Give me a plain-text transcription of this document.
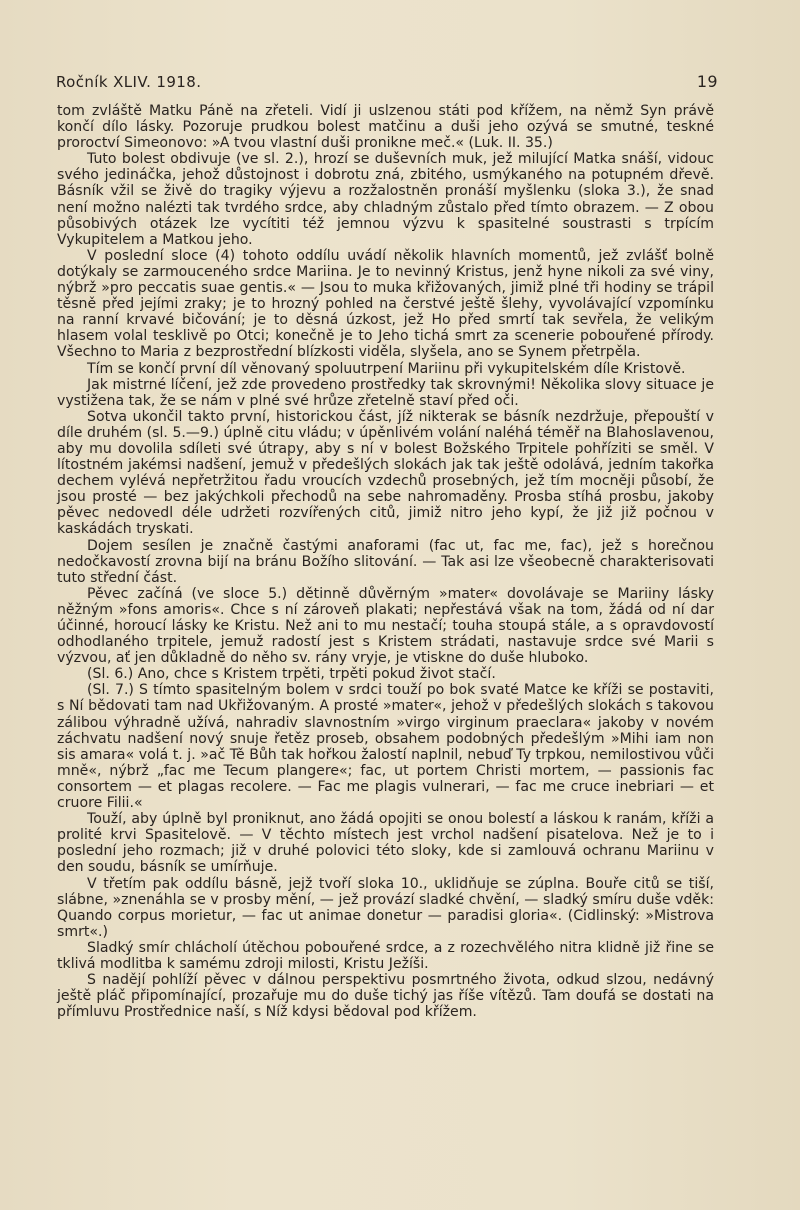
Ročník XLIV. 1918.	19

tom zvláště Matku Páně na zřeteli. Vidí ji uslzenou státi pod křížem, na němž Syn právě končí dílo lásky. Pozoruje prudkou bolest matčinu a duši jeho ozývá se smutné, teskné proroctví Simeonovo: »A tvou vlastní duši pronikne meč.« (Luk. II. 35.)

Tuto bolest obdivuje (ve sl. 2.), hrozí se duševních muk, jež milující Matka snáší, vidouc svého jedináčka, jehož důstojnost i dobrotu zná, zbitého, usmýkaného na potupném dřevě. Básník vžil se živě do tragiky výjevu a rozžalostněn pronáší myšlenku (sloka 3.), že snad není možno nalézti tak tvrdého srdce, aby chladným zůstalo před tímto obrazem. — Z obou působivých otázek lze vycítiti též jemnou výzvu k spasitelné soustrasti s trpícím Vykupitelem a Matkou jeho.

V poslední sloce (4) tohoto oddílu uvádí několik hlavních momentů, jež zvlášť bolně dotýkaly se zarmouceného srdce Mariina. Je to nevinný Kristus, jenž hyne nikoli za své viny, nýbrž »pro peccatis suae gentis.« — Jsou to muka křižovaných, jimiž plné tři hodiny se trápil těsně před jejími zraky; je to hrozný pohled na čerstvé ještě šlehy, vyvolávající vzpomínku na ranní krvavé bičování; je to děsná úzkost, jež Ho před smrtí tak sevřela, že velikým hlasem volal tesklivě po Otci; konečně je to Jeho tichá smrt za scenerie pobouřené přírody. Všechno to Maria z bezprostřední blízkosti viděla, slyšela, ano se Synem přetrpěla.

Tím se končí první díl věnovaný spoluutrpení Mariinu při vykupitelském díle Kristově.

Jak mistrné líčení, jež zde provedeno prostředky tak skrovnými! Několika slovy situace je vystižena tak, že se nám v plné své hrůze zřetelně staví před oči.

Sotva ukončil takto první, historickou část, jíž nikterak se básník nezdržuje, přepouští v díle druhém (sl. 5.—9.) úplně citu vládu; v úpěnlivém volání naléhá téměř na Blahoslavenou, aby mu dovolila sdíleti své útrapy, aby s ní v bolest Božského Trpitele pohříziti se směl. V lítostném jakémsi nadšení, jemuž v předešlých slokách jak tak ještě odolává, jedním takořka dechem vylévá nepřetržitou řadu vroucích vzdechů prosebných, jež tím mocněji působí, že jsou prosté — bez jakýchkoli přechodů na sebe nahromaděny. Prosba stíhá prosbu, jakoby pěvec nedovedl déle udržeti rozvířených citů, jimiž nitro jeho kypí, že již již počnou v kaskádách tryskati.

Dojem sesílen je značně častými anaforami (fac ut, fac me, fac), jež s horečnou nedočkavostí zrovna bijí na bránu Božího slitování. — Tak asi lze všeobecně charakterisovati tuto střední část.

Pěvec začíná (ve sloce 5.) dětinně důvěrným »mater« dovolávaje se Mariiny lásky něžným »fons amoris«. Chce s ní zároveň plakati; nepřestává však na tom, žádá od ní dar účinné, horoucí lásky ke Kristu. Než ani to mu nestačí; touha stoupá stále, a s opravdovostí odhodlaného trpitele, jemuž radostí jest s Kristem strádati, nastavuje srdce své Marii s výzvou, ať jen důkladně do něho sv. rány vryje, je vtiskne do duše hluboko.

(Sl. 6.) Ano, chce s Kristem trpěti, trpěti pokud život stačí.

(Sl. 7.) S tímto spasitelným bolem v srdci touží po bok svaté Matce ke kříži se postaviti, s Ní bědovati tam nad Ukřižovaným. A prosté »mater«, jehož v předešlých slokách s takovou zálibou výhradně užívá, nahradiv slavnostním »virgo virginum praeclara« jakoby v novém záchvatu nadšení nový snuje řetěz proseb, obsahem podobných předešlým »Mihi iam non sis amara« volá t. j. »ač Tě Bůh tak hořkou žalostí naplnil, nebuď Ty trpkou, nemilostivou vůči mně«, nýbrž „fac me Tecum plangere«; fac, ut portem Christi mortem, — passionis fac consortem — et plagas recolere. — Fac me plagis vulnerari, — fac me cruce inebriari — et cruore Filii.«

Touží, aby úplně byl proniknut, ano žádá opojiti se onou bolestí a láskou k ranám, kříži a prolité krvi Spasitelově. — V těchto místech jest vrchol nadšení pisatelova. Než je to i poslední jeho rozmach; již v druhé polovici této sloky, kde si zamlouvá ochranu Mariinu v den soudu, básník se umírňuje.

V třetím pak oddílu básně, jejž tvoří sloka 10., uklidňuje se zúplna. Bouře citů se tiší, slábne, »znenáhla se v prosby mění, — jež provází sladké chvění, — sladký smíru duše vděk: Quando corpus morietur, — fac ut animae donetur — paradisi gloria«. (Cidlinský: »Mistrova smrt«.)

Sladký smír chlácholí útěchou pobouřené srdce, a z rozechvělého nitra klidně již řine se tklivá modlitba k samému zdroji milosti, Kristu Ježíši.

S nadějí pohlíží pěvec v dálnou perspektivu posmrtného života, odkud slzou, nedávný ještě pláč připomínající, prozařuje mu do duše tichý jas říše vítězů. Tam doufá se dostati na přímluvu Prostřednice naší, s Níž kdysi bědoval pod křížem.
